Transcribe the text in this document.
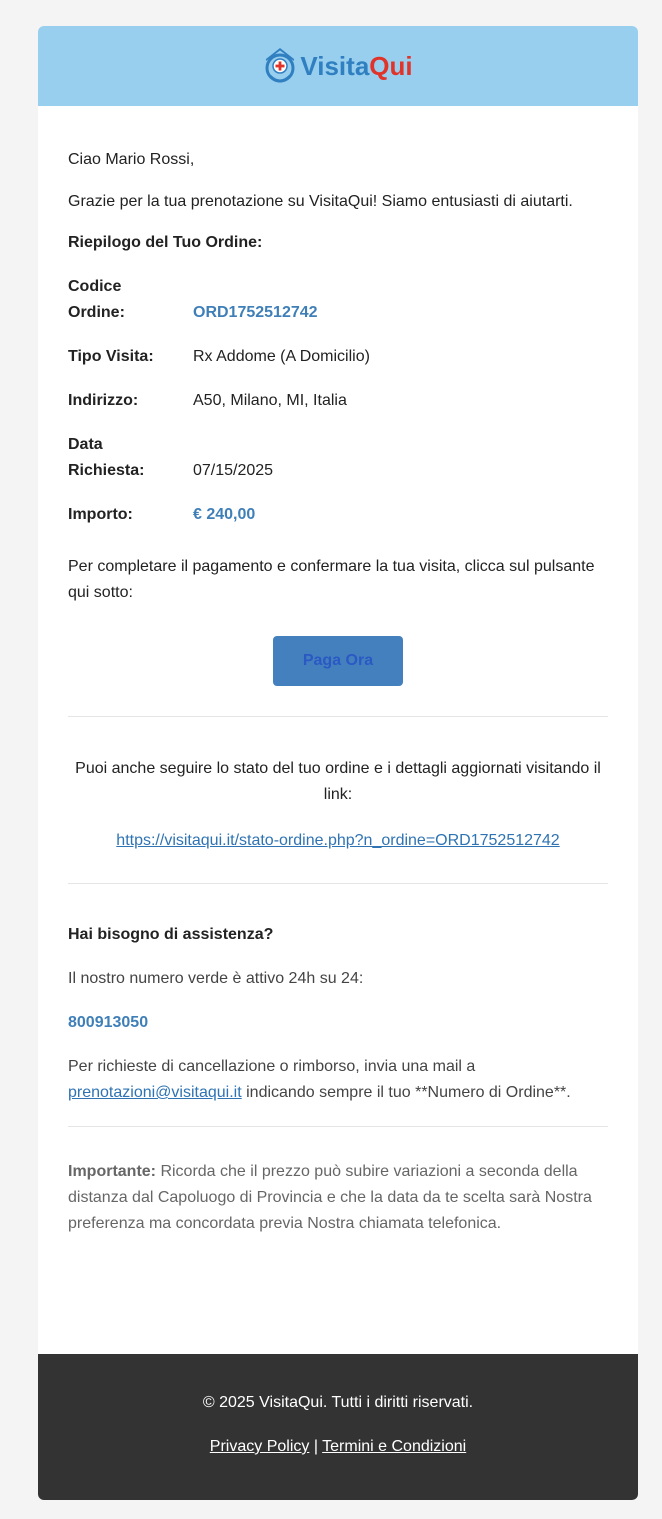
VisitaQui

Ciao Mario Rossi,

Grazie per la tua prenotazione su VisitaQui! Siamo entusiasti di aiutarti.

Riepilogo del Tuo Ordine:

Codice Ordine:	ORD1752512742
Tipo Visita:	Rx Addome (A Domicilio)
Indirizzo:	A50, Milano, MI, Italia
Data Richiesta:	07/15/2025
Importo:	€ 240,00

Per completare il pagamento e confermare la tua visita, clicca sul pulsante qui sotto:

Paga Ora

Puoi anche seguire lo stato del tuo ordine e i dettagli aggiornati visitando il link:

https://visitaqui.it/stato-ordine.php?n_ordine=ORD1752512742

Hai bisogno di assistenza?

Il nostro numero verde è attivo 24h su 24:

800913050

Per richieste di cancellazione o rimborso, invia una mail a prenotazioni@visitaqui.it indicando sempre il tuo **Numero di Ordine**.

Importante: Ricorda che il prezzo può subire variazioni a seconda della distanza dal Capoluogo di Provincia e che la data da te scelta sarà Nostra preferenza ma concordata previa Nostra chiamata telefonica.

© 2025 VisitaQui. Tutti i diritti riservati.
Privacy Policy | Termini e Condizioni
